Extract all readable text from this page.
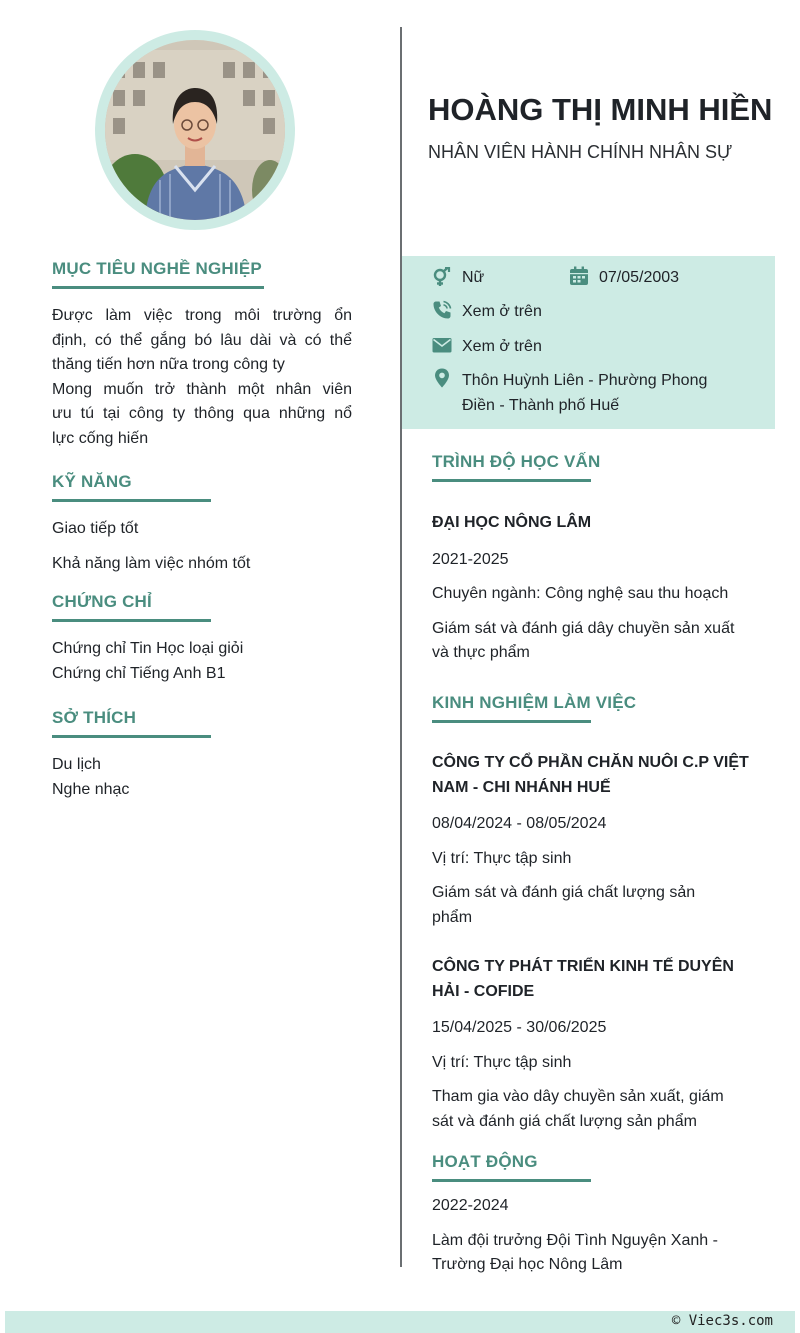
HOÀNG THỊ MINH HIỀN
NHÂN VIÊN HÀNH CHÍNH NHÂN SỰ
Nữ	07/05/2003
Xem ở trên
Xem ở trên
Thôn Huỳnh Liên - Phường Phong
Điền - Thành phố Huế
MỤC TIÊU NGHỀ NGHIỆP

Được làm việc trong môi trường ổn

định, có thể gắng bó lâu dài và có thể

thăng tiến hơn nữa trong công ty

Mong muốn trở thành một nhân viên

ưu tú tại công ty thông qua những nổ

lực cống hiến

KỸ NĂNG

Giao tiếp tốt

Khả năng làm việc nhóm tốt

CHỨNG CHỈ

Chứng chỉ Tin Học loại giỏi

Chứng chỉ Tiếng Anh B1

SỞ THÍCH

Du lịch

Nghe nhạc

TRÌNH ĐỘ HỌC VẤN

ĐẠI HỌC NÔNG LÂM

2021-2025

Chuyên ngành: Công nghệ sau thu hoạch

Giám sát và đánh giá dây chuyền sản xuất

và thực phẩm

KINH NGHIỆM LÀM VIỆC

CÔNG TY CỔ PHẦN CHĂN NUÔI C.P VIỆT

NAM - CHI NHÁNH HUẾ

08/04/2024 - 08/05/2024

Vị trí: Thực tập sinh

Giám sát và đánh giá chất lượng sản

phẩm

CÔNG TY PHÁT TRIỂN KINH TẾ DUYÊN

HẢI - COFIDE

15/04/2025 - 30/06/2025

Vị trí: Thực tập sinh

Tham gia vào dây chuyền sản xuất, giám

sát và đánh giá chất lượng sản phẩm

HOẠT ĐỘNG

2022-2024

Làm đội trưởng Đội Tình Nguyện Xanh -

Trường Đại học Nông Lâm

© Viec3s.com
